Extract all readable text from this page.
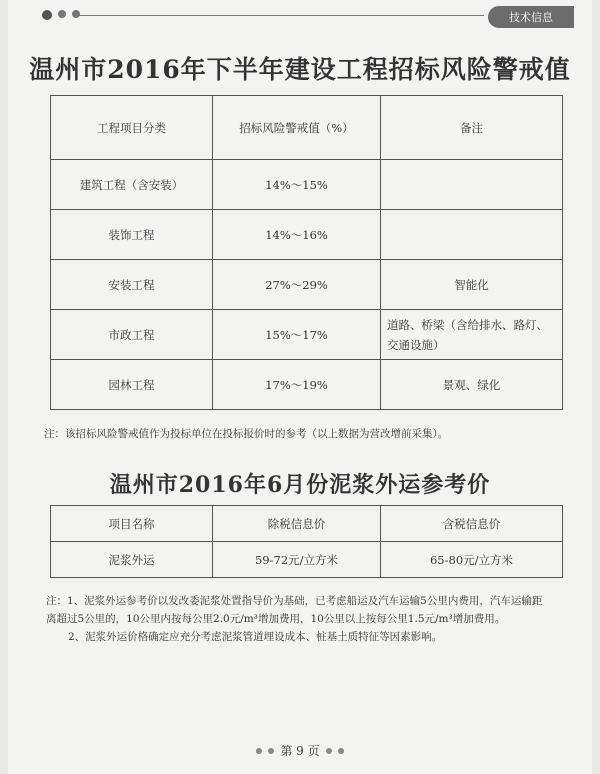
技术信息
温州市2016年下半年建设工程招标风险警戒值
工程项目分类	招标风险警戒值（%）	备注
建筑工程（含安装）	14%～15%	
装饰工程	14%～16%	
安装工程	27%～29%	智能化
市政工程	15%～17%	道路、桥梁（含给排水、路灯、交通设施）
园林工程	17%～19%	景观、绿化
注：该招标风险警戒值作为投标单位在投标报价时的参考（以上数据为营改增前采集）。
温州市2016年6月份泥浆外运参考价
项目名称	除税信息价	含税信息价
泥浆外运	59-72元/立方米	65-80元/立方米

注：1、泥浆外运参考价以发改委泥浆处置指导价为基础，已考虑船运及汽车运输5公里内费用，汽车运输距离超过5公里的，10公里内按每公里2.0元/m³增加费用，10公里以上按每公里1.5元/m³增加费用。

2、泥浆外运价格确定应充分考虑泥浆管道埋设成本、桩基土质特征等因素影响。

第 9 页
